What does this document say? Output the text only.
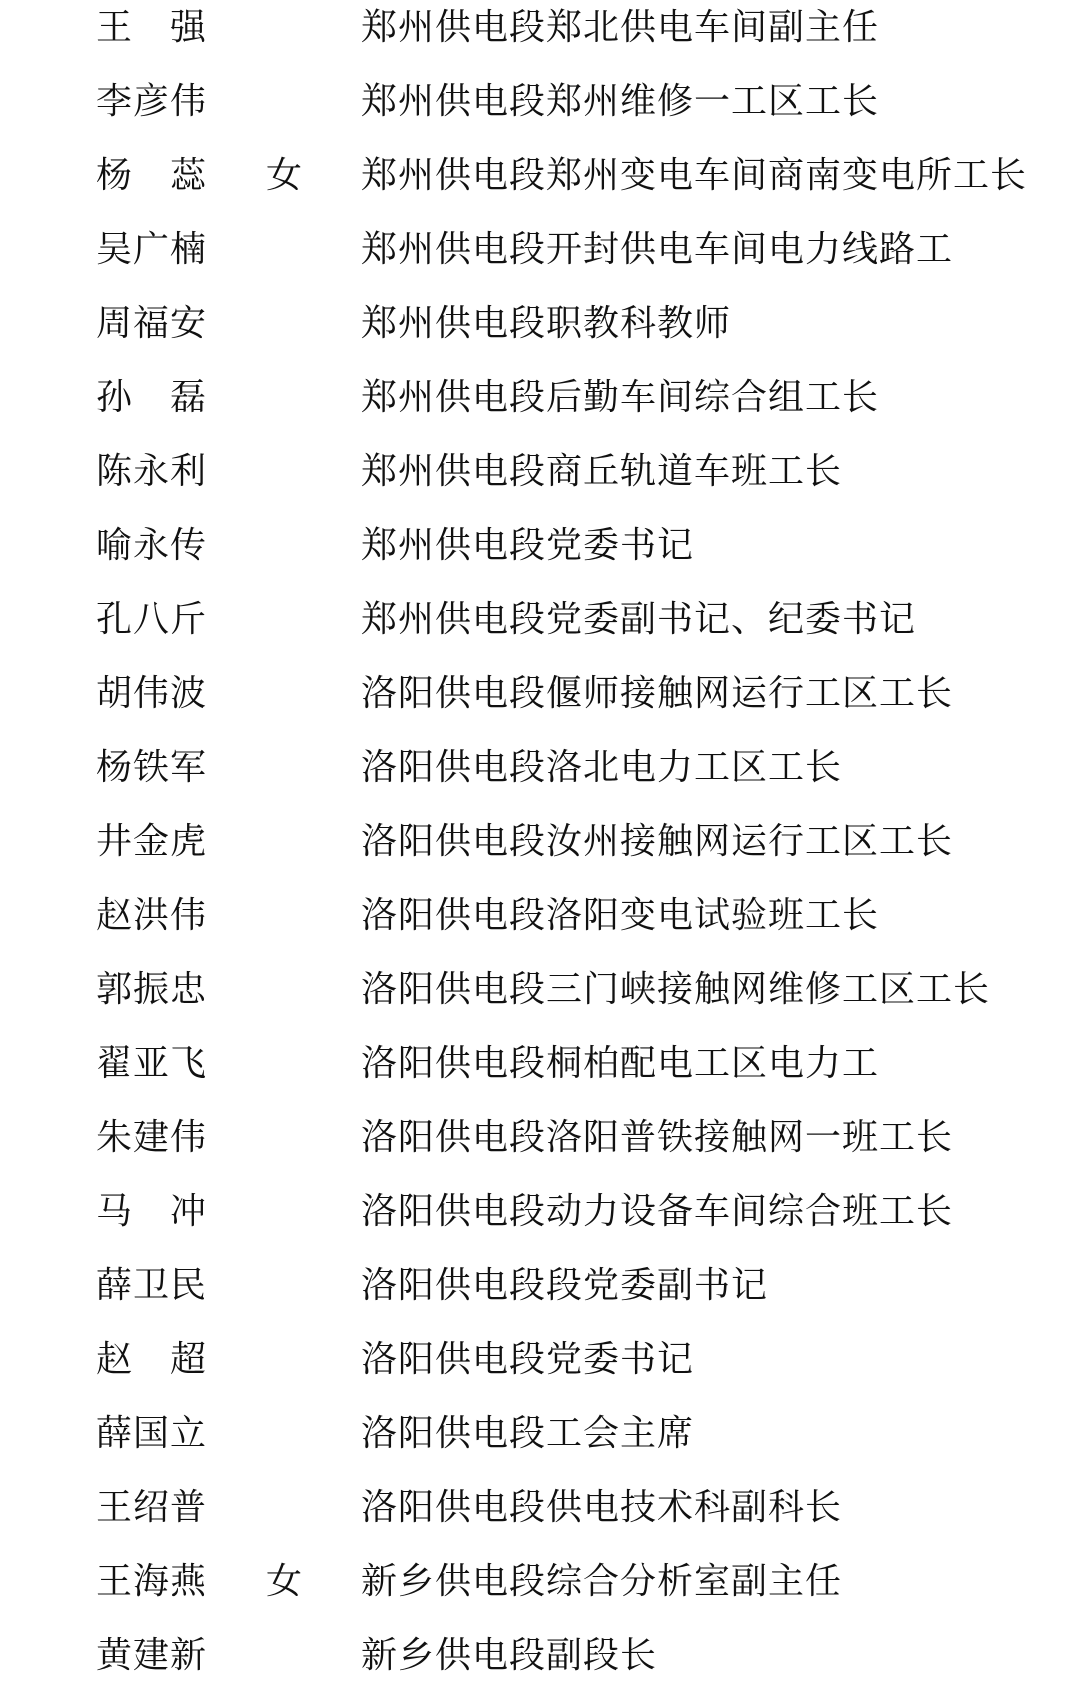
王　强	郑州供电段郑北供电车间副主任
李彦伟	郑州供电段郑州维修一工区工长
杨　蕊	女	郑州供电段郑州变电车间商南变电所工长
吴广楠	郑州供电段开封供电车间电力线路工
周福安	郑州供电段职教科教师
孙　磊	郑州供电段后勤车间综合组工长
陈永利	郑州供电段商丘轨道车班工长
喻永传	郑州供电段党委书记
孔八斤	郑州供电段党委副书记、纪委书记
胡伟波	洛阳供电段偃师接触网运行工区工长
杨铁军	洛阳供电段洛北电力工区工长
井金虎	洛阳供电段汝州接触网运行工区工长
赵洪伟	洛阳供电段洛阳变电试验班工长
郭振忠	洛阳供电段三门峡接触网维修工区工长
翟亚飞	洛阳供电段桐柏配电工区电力工
朱建伟	洛阳供电段洛阳普铁接触网一班工长
马　冲	洛阳供电段动力设备车间综合班工长
薛卫民	洛阳供电段段党委副书记
赵　超	洛阳供电段党委书记
薛国立	洛阳供电段工会主席
王绍普	洛阳供电段供电技术科副科长
王海燕	女	新乡供电段综合分析室副主任
黄建新	新乡供电段副段长
